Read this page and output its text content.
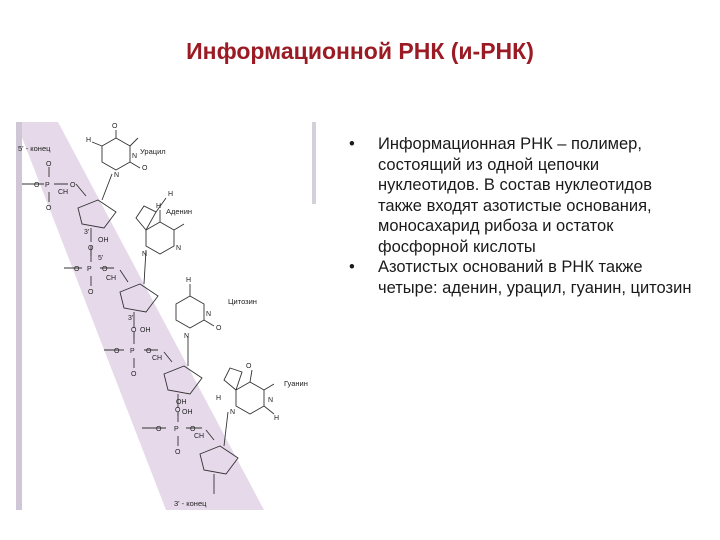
Информационной РНК (и-РНК)
5' - конец
3' - конец
P
O
O
O
O
CH
3'
OH
O
O
H
N
N
Урацил
P
O
O
O
O
CH
5'
3'
OH
H
H
N
N
Аденин
P
O
O
O	O
CH
OH
H
O
N
N
Цитозин
P
O
O
O	O
CH
OH
O
H
N
N
H
Гуанин
• Информационная РНК – полимер, состоящий из одной цепочки нуклеотидов. В состав нуклеотидов также входят азотистые основания, моносахарид рибоза и остаток фосфорной кислоты
• Азотистых оснований в РНК также четыре: аденин, урацил, гуанин, цитозин
